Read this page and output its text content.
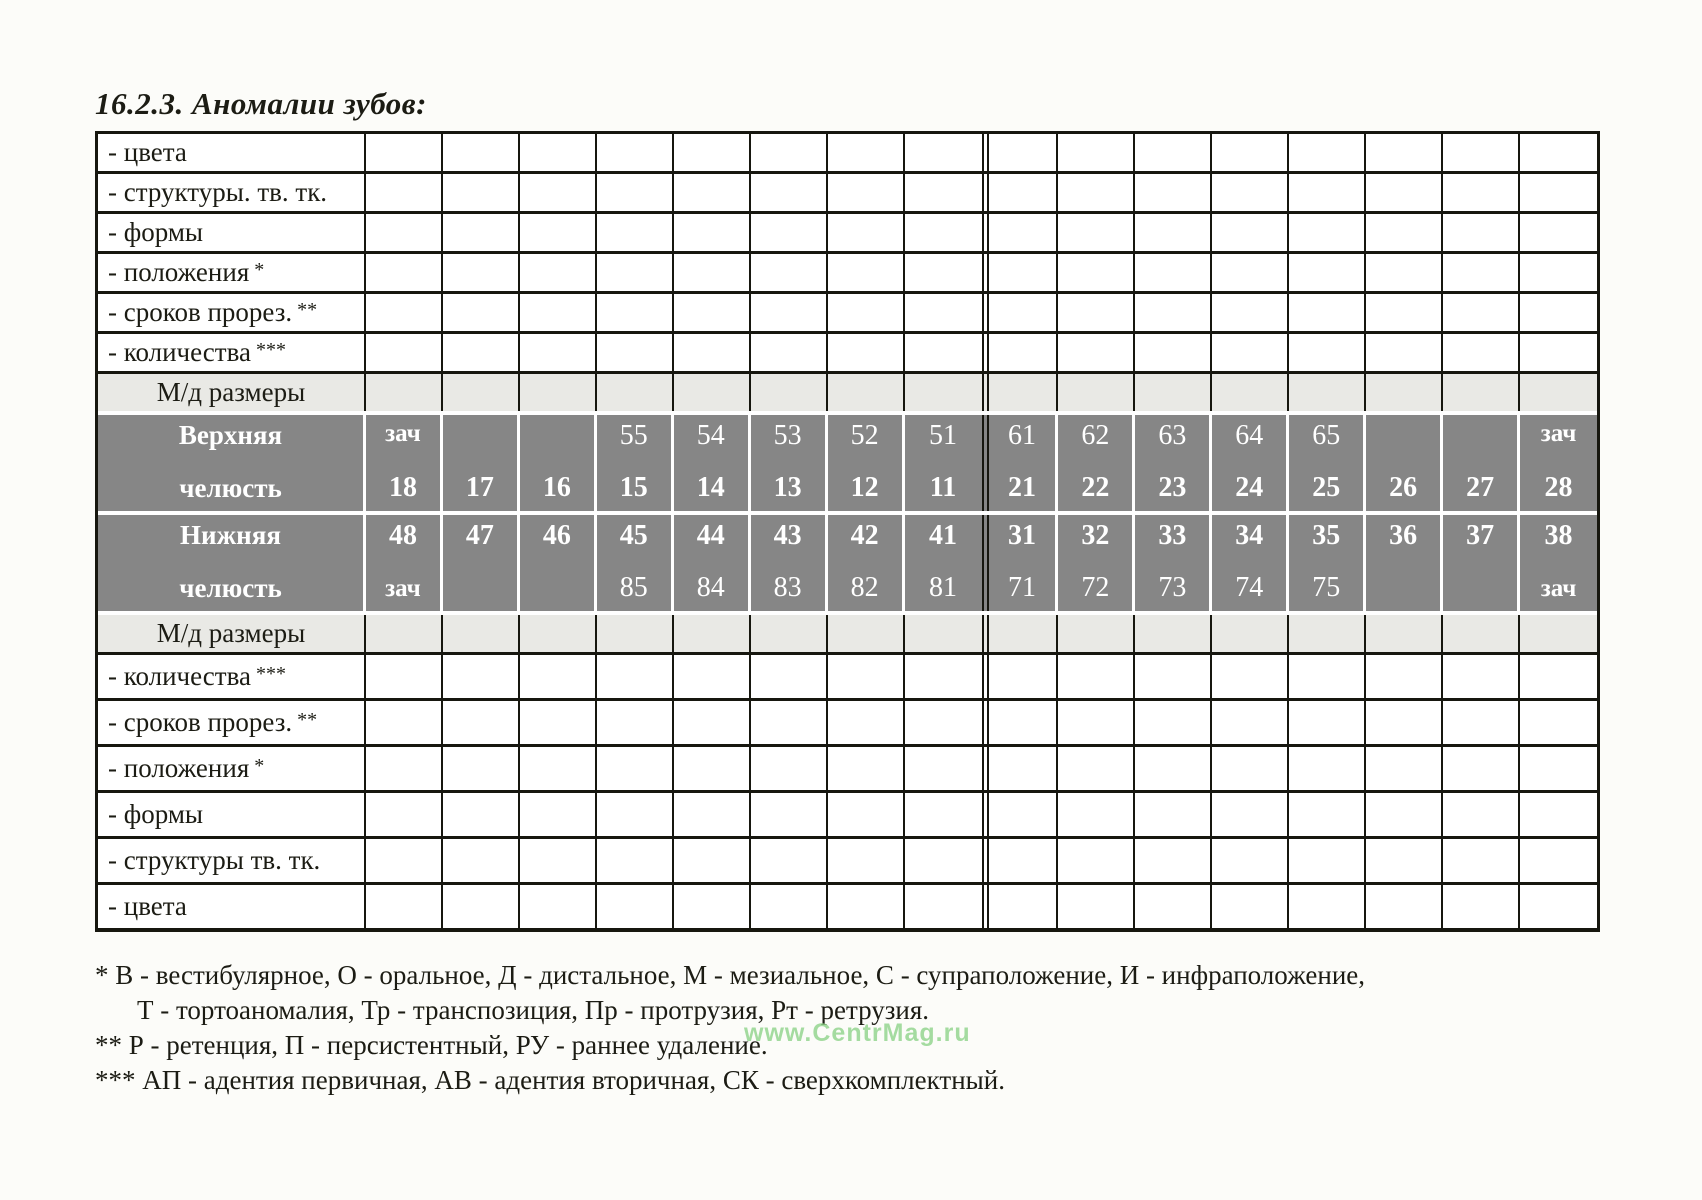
16.2.3. Аномалии зубов:
- цвета
- структуры. тв. тк.
- формы
- положения *
- сроков прорез. **
- количества ***
М/д размеры
Верхняя
челюсть
зач
18 17 16
55
15
54
14
53
13
52
12
51
11
61
21
62
22
63
23
64
24
65
25 26 27
зач
28
Нижняя
челюсть
48
зач
47 46 45
85
44
84
43
83
42
82
41
81
31
71
32
72
33
73
34
74
35
75
36 37 38
зач
М/д размеры
- количества ***
- сроков прорез. **
- положения *
- формы
- структуры тв. тк.
- цвета
* В - вестибулярное, О - оральное, Д - дистальное, М - мезиальное, С - супраположение, И - инфраположение,
Т - тортоаномалия, Тр - транспозиция, Пр - протрузия, Рт - ретрузия.
** Р - ретенция, П - персистентный, РУ - раннее удаление.
*** АП - адентия первичная, АВ - адентия вторичная, СК - сверхкомплектный.
www.CentrMag.ru
